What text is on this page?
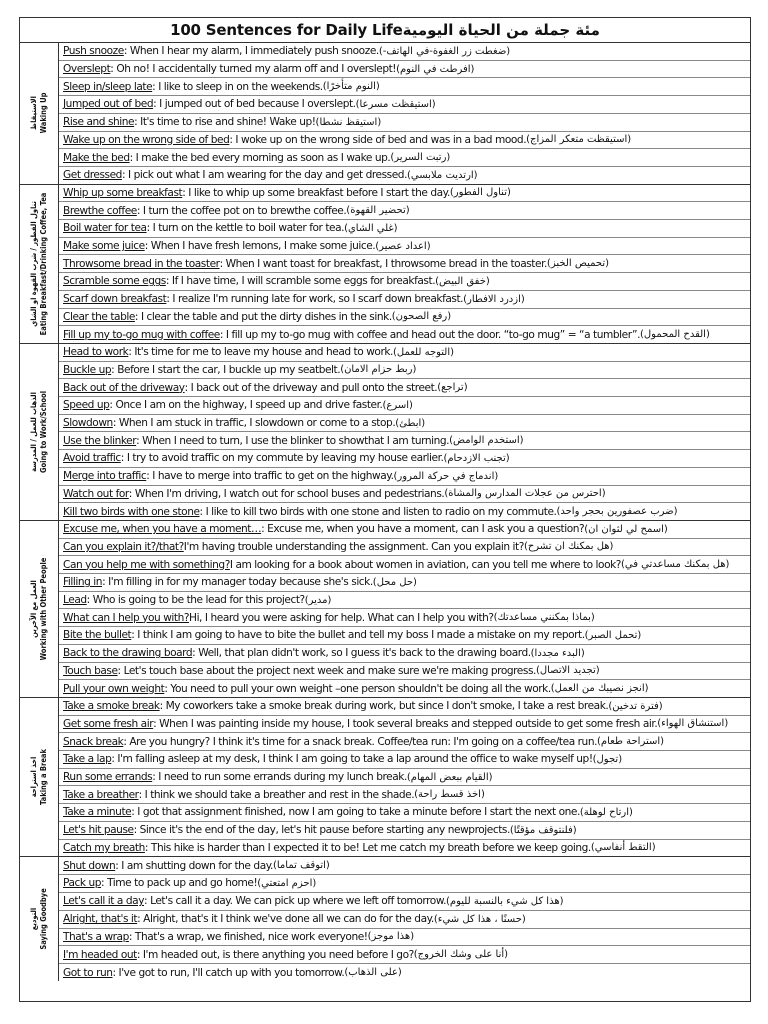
100 Sentences for Daily Lifeمئة جملة من الحياة اليومية
الاستيقاظ Waking Up
Push snooze : When I hear my alarm, I immediately push snooze. (ضغطت زر الغفوة-في الهاتف-)
Overslept : Oh no! I accidentally turned my alarm off and I overslept! (افرطت في النوم)
Sleep in/sleep late : I like to sleep in on the weekends. (النوم متأخرًا)
Jumped out of bed : I jumped out of bed because I overslept. (استيقظت مسرعا)
Rise and shine : It's time to rise and shine! Wake up! (استيقظ نشطا)
Wake up on the wrong side of bed : I woke up on the wrong side of bed and was in a bad mood. (استيقظت متعكر المزاج)
Make the bed : I make the bed every morning as soon as I wake up. (رتبت السرير)
Get dressed : I pick out what I am wearing for the day and get dressed. (ارتديت ملابسي)
تناول الفطور / شرب القهوة او الشاي Eating Breakfast/Drinking Coffee, Tea Whip up some breakfast : I like to whip up some breakfast before I start the day. (تناول الفطور)
Brewthe coffee : I turn the coffee pot on to brewthe coffee. (تحضير القهوة)
Boil water for tea : I turn on the kettle to boil water for tea. (غلي الشاي)
Make some juice : When I have fresh lemons, I make some juice. (اعداد عصير)
Throwsome bread in the toaster : When I want toast for breakfast, I throwsome bread in the toaster. (تحميص الخبز)
Scramble some eggs : If I have time, I will scramble some eggs for breakfast. (خفق البيض)
Scarf down breakfast : I realize I'm running late for work, so I scarf down breakfast. (ازدرد الافطار)
Clear the table : I clear the table and put the dirty dishes in the sink. (رفع الصحون)
Fill up my to-go mug with coffee : I fill up my to-go mug with coffee and head out the door. “to-go mug” = “a tumbler”. (القدح المحمول)
الذهاب للعمل / المدرسة Going to Work/School
Head to work : It's time for me to leave my house and head to work. (التوجه للعمل)
Buckle up : Before I start the car, I buckle up my seatbelt. (ربط حزام الامان)
Back out of the driveway : I back out of the driveway and pull onto the street. (تراجع)
Speed up : Once I am on the highway, I speed up and drive faster. (اسرع)
Slowdown : When I am stuck in traffic, I slowdown or come to a stop. (ابطئ)
Use the blinker : When I need to turn, I use the blinker to showthat I am turning. (استخدم الوامض)
Avoid traffic : I try to avoid traffic on my commute by leaving my house earlier. (تجنب الازدحام)
Merge into traffic : I have to merge into traffic to get on the highway. (اندماج في حركة المرور)
Watch out for : When I'm driving, I watch out for school buses and pedestrians. (احترس من عجلات المدارس والمشاة)
Kill two birds with one stone : I like to kill two birds with one stone and listen to radio on my commute. (ضرب عصفورين بحجر واحد)
العمل مع الآخرين Working with Other People
Excuse me, when you have a moment… : Excuse me, when you have a moment, can I ask you a question? (اسمح لي لثوان ان)
Can you explain it?/that? I'm having trouble understanding the assignment. Can you explain it? (هل بمكنك ان تشرح)
Can you help me with something? I am looking for a book about women in aviation, can you tell me where to look? (هل بمكنك مساعدتي في)
Filling in : I'm filling in for my manager today because she's sick. (حل محل)
Lead : Who is going to be the lead for this project? (مدير)
What can I help you with? Hi, I heard you were asking for help. What can I help you with? (بماذا بمكنني مساعدتك)
Bite the bullet : I think I am going to have to bite the bullet and tell my boss I made a mistake on my report. (تحمل الصبر)
Back to the drawing board : Well, that plan didn't work, so I guess it's back to the drawing board. (البدء مجددا)
Touch base : Let's touch base about the project next week and make sure we're making progress. (تجديد الاتصال)
Pull your own weight : You need to pull your own weight –one person shouldn't be doing all the work. (انجز نصيبك من العمل)
اخذ استراحة Taking a Break
Take a smoke break : My coworkers take a smoke break during work, but since I don't smoke, I take a rest break. (فترة تدخين)
Get some fresh air : When I was painting inside my house, I took several breaks and stepped outside to get some fresh air. (استنشاق الهواء)
Snack break : Are you hungry? I think it's time for a snack break. Coffee/tea run: I'm going on a coffee/tea run. (استراحة طعام)
Take a lap : I'm falling asleep at my desk, I think I am going to take a lap around the office to wake myself up! (تجول)
Run some errands : I need to run some errands during my lunch break. (القيام ببعض المهام)
Take a breather : I think we should take a breather and rest in the shade. (اخذ قسط راحة)
Take a minute : I got that assignment finished, now I am going to take a minute before I start the next one. (ارتاح لوهلة)
Let's hit pause : Since it's the end of the day, let's hit pause before starting any newprojects. (فلنتوقف مؤقتًا)
Catch my breath : This hike is harder than I expected it to be! Let me catch my breath before we keep going. (التقط أنفاسي)
التوديع Saying Goodbye
Shut down : I am shutting down for the day. (اتوقف تماما)
Pack up : Time to pack up and go home! (احزم امتعتي)
Let's call it a day : Let's call it a day. We can pick up where we left off tomorrow. (هذا كل شيء بالنسبة لليوم)
Alright, that's it : Alright, that's it I think we've done all we can do for the day. (حسنًا ، هذا كل شيء)
That's a wrap : That's a wrap, we finished, nice work everyone! (هذا موجز)
I'm headed out : I'm headed out, is there anything you need before I go? (أنا على وشك الخروج)
Got to run : I've got to run, I'll catch up with you tomorrow. (على الذهاب)
